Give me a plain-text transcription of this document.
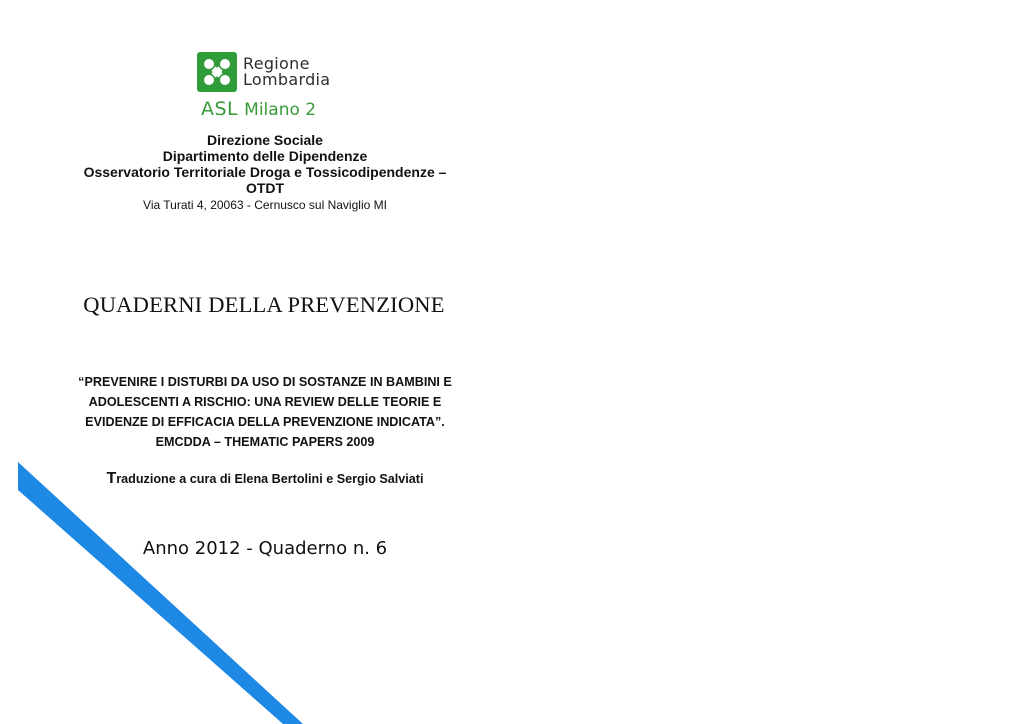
Regione
Lombardia
ASL Milano 2
Direzione Sociale
Dipartimento delle Dipendenze
Osservatorio Territoriale Droga e Tossicodipendenze –
OTDT
Via Turati 4, 20063 - Cernusco sul Naviglio MI
QUADERNI DELLA PREVENZIONE
“PREVENIRE I DISTURBI DA USO DI SOSTANZE IN BAMBINI E
ADOLESCENTI A RISCHIO: UNA REVIEW DELLE TEORIE E
EVIDENZE DI EFFICACIA DELLA PREVENZIONE INDICATA”.
EMCDDA – THEMATIC PAPERS 2009
Traduzione a cura di Elena Bertolini e Sergio Salviati
Anno 2012 - Quaderno n. 6
